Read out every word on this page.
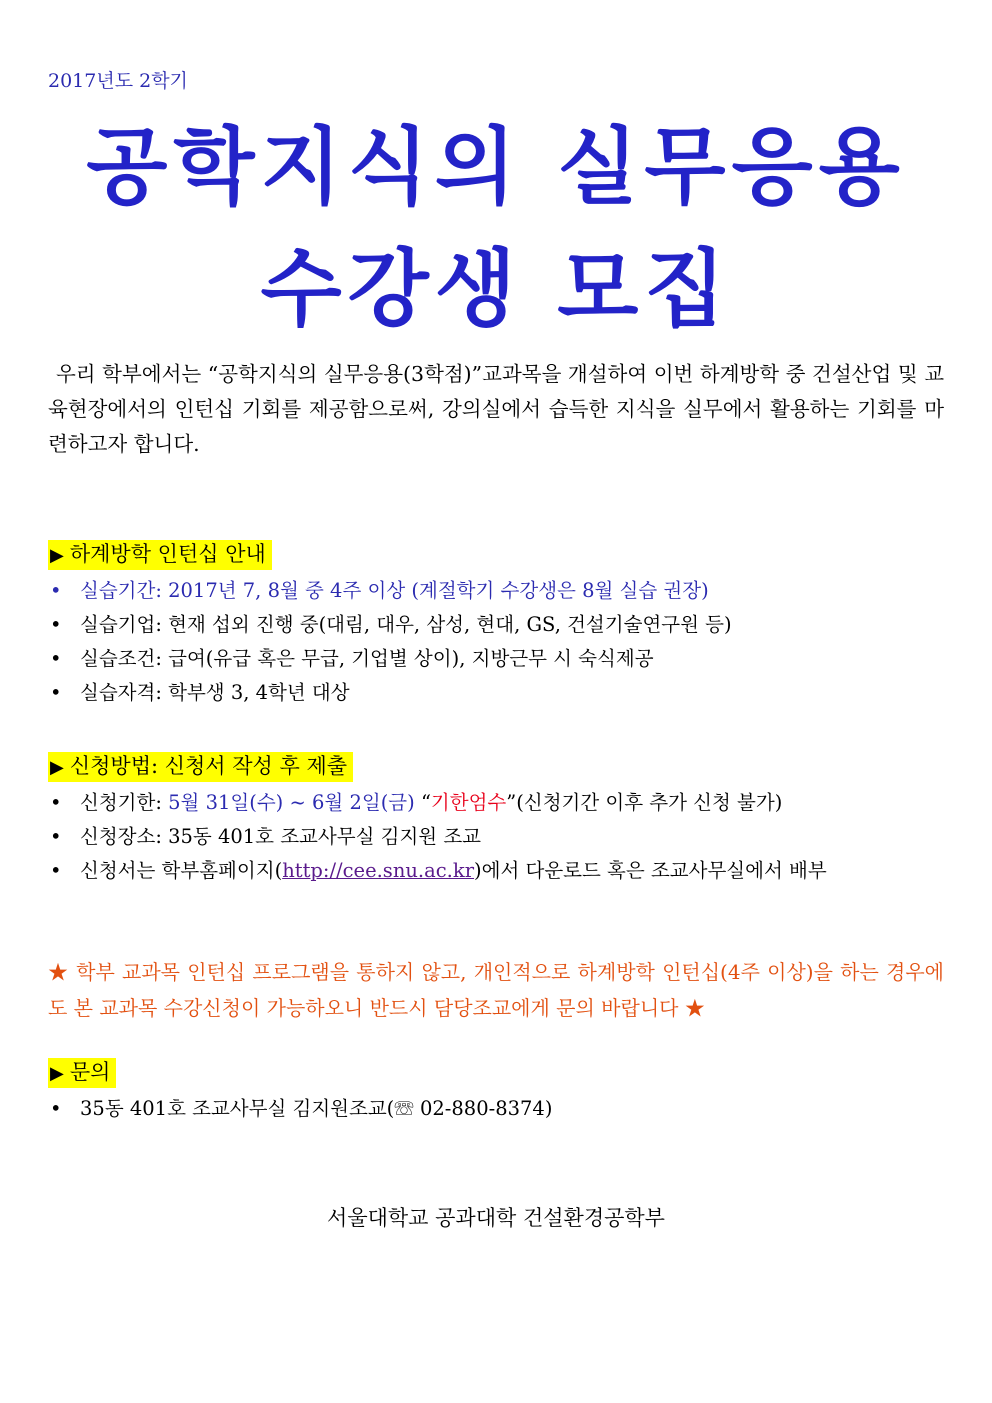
2017년도 2학기
공학지식의 실무응용
수강생 모집
우리 학부에서는 “공학지식의 실무응용(3학점)”교과목을 개설하여 이번 하계방학 중 건설산업 및 교육현장에서의 인턴십 기회를 제공함으로써, 강의실에서 습득한 지식을 실무에서 활용하는 기회를 마련하고자 합니다.
▶ 하계방학 인턴십 안내
• 실습기간: 2017년 7, 8월 중 4주 이상 (계절학기 수강생은 8월 실습 권장)
• 실습기업: 현재 섭외 진행 중(대림, 대우, 삼성, 현대, GS, 건설기술연구원 등)
• 실습조건: 급여(유급 혹은 무급, 기업별 상이), 지방근무 시 숙식제공
• 실습자격: 학부생 3, 4학년 대상
▶ 신청방법: 신청서 작성 후 제출
• 신청기한: 5월 31일(수) ~ 6월 2일(금) “기한엄수”(신청기간 이후 추가 신청 불가)
• 신청장소: 35동 401호 조교사무실 김지원 조교
• 신청서는 학부홈페이지(http://cee.snu.ac.kr)에서 다운로드 혹은 조교사무실에서 배부
★ 학부 교과목 인턴십 프로그램을 통하지 않고, 개인적으로 하계방학 인턴십(4주 이상)을 하는 경우에도 본 교과목 수강신청이 가능하오니 반드시 담당조교에게 문의 바랍니다 ★
▶ 문의
• 35동 401호 조교사무실 김지원조교(☏ 02-880-8374)
서울대학교 공과대학 건설환경공학부
